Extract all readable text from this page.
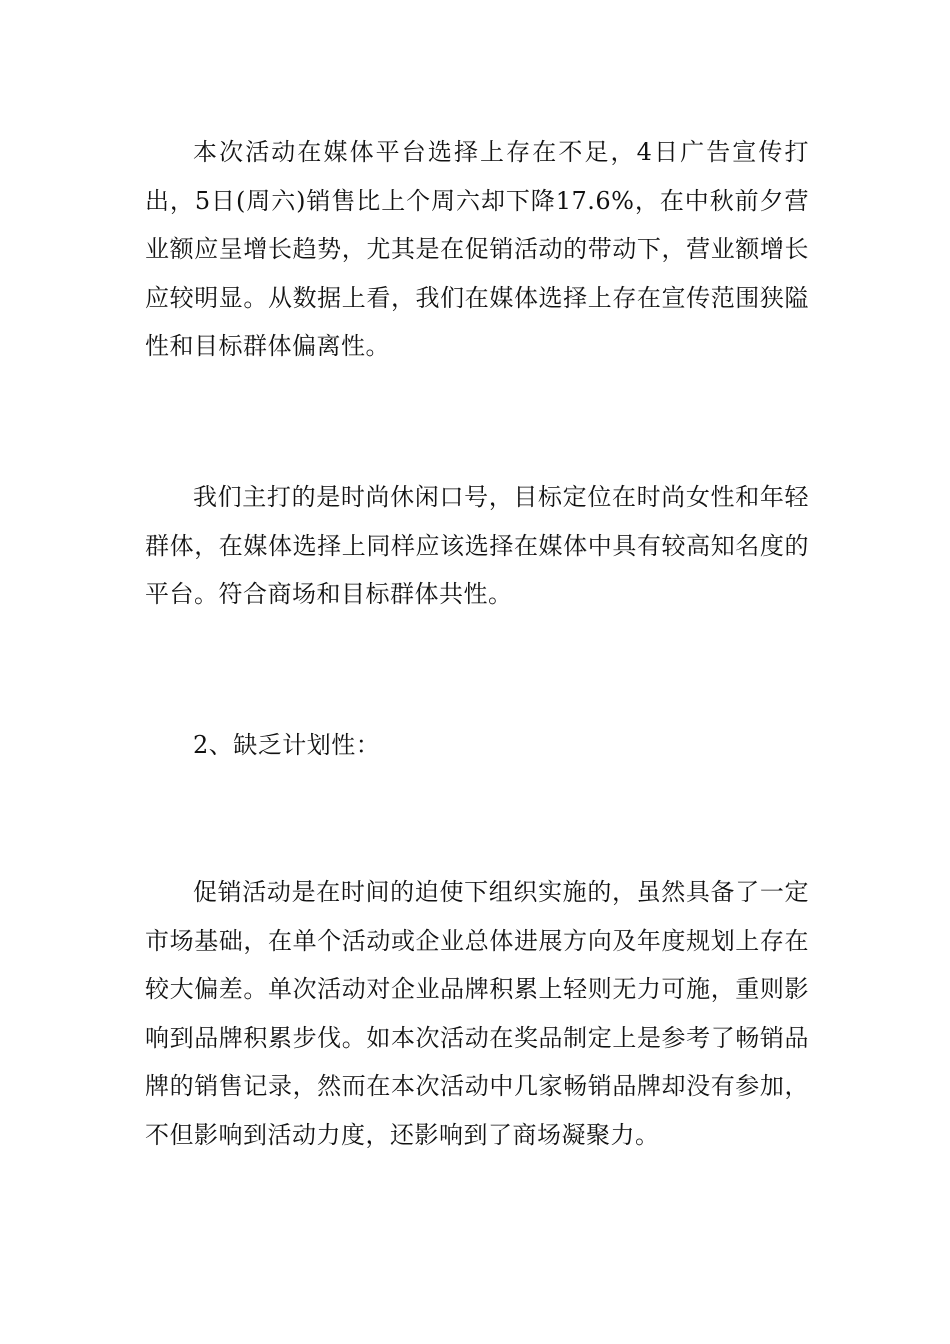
本次活动在媒体平台选择上存在不足，4日广告宣传打出，5日(周六)销售比上个周六却下降17.6%，在中秋前夕营业额应呈增长趋势，尤其是在促销活动的带动下，营业额增长应较明显。从数据上看，我们在媒体选择上存在宣传范围狭隘性和目标群体偏离性。

我们主打的是时尚休闲口号，目标定位在时尚女性和年轻群体，在媒体选择上同样应该选择在媒体中具有较高知名度的平台。符合商场和目标群体共性。

2、缺乏计划性：

促销活动是在时间的迫使下组织实施的，虽然具备了一定市场基础，在单个活动或企业总体进展方向及年度规划上存在较大偏差。单次活动对企业品牌积累上轻则无力可施，重则影响到品牌积累步伐。如本次活动在奖品制定上是参考了畅销品牌的销售记录，然而在本次活动中几家畅销品牌却没有参加，不但影响到活动力度，还影响到了商场凝聚力。
